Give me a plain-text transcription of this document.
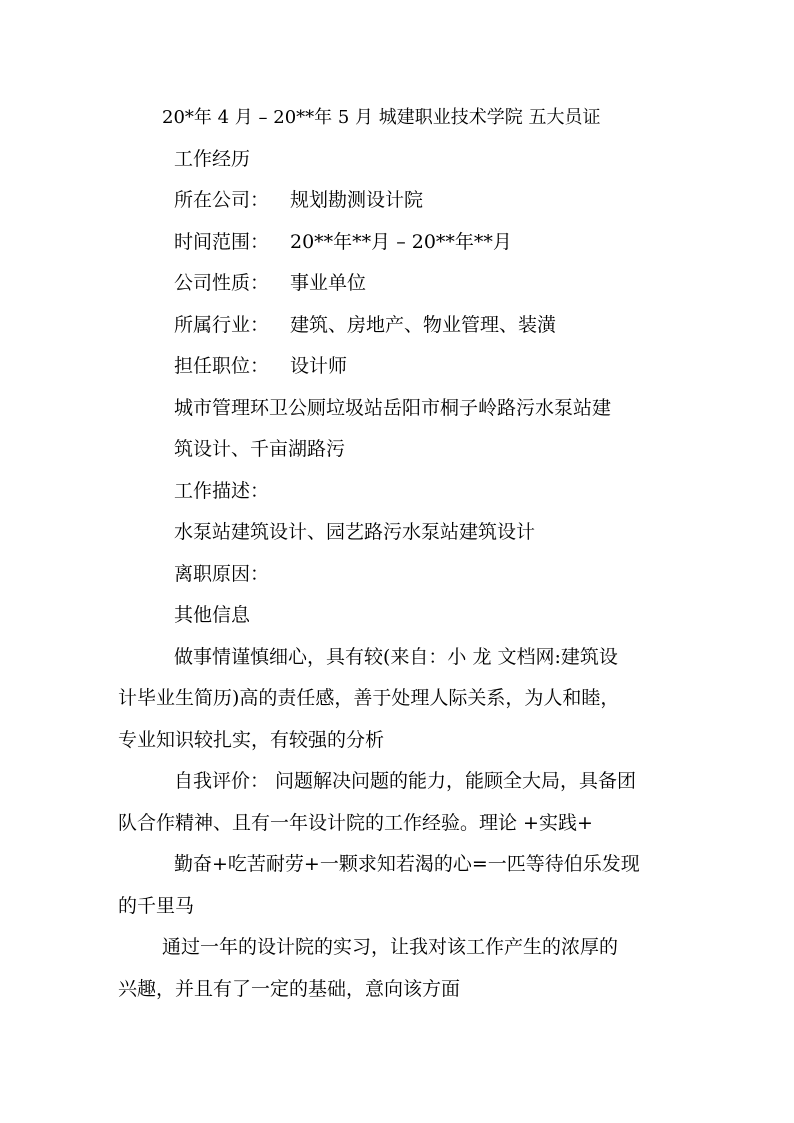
20*年 4 月 – 20**年 5 月 城建职业技术学院 五大员证
工作经历
所在公司： 规划勘测设计院
时间范围： 20**年**月 – 20**年**月
公司性质： 事业单位
所属行业： 建筑、房地产、物业管理、装潢
担任职位： 设计师
城市管理环卫公厕垃圾站岳阳市桐子岭路污水泵站建
筑设计、千亩湖路污
工作描述：
水泵站建筑设计、园艺路污水泵站建筑设计
离职原因：
其他信息
做事情谨慎细心，具有较(来自：小 龙 文档网:建筑设
计毕业生简历)高的责任感，善于处理人际关系，为人和睦，
专业知识较扎实，有较强的分析
自我评价： 问题解决问题的能力，能顾全大局，具备团
队合作精神、且有一年设计院的工作经验。理论 +实践+
勤奋+吃苦耐劳+一颗求知若渴的心=一匹等待伯乐发现
的千里马
通过一年的设计院的实习，让我对该工作产生的浓厚的
兴趣，并且有了一定的基础，意向该方面
